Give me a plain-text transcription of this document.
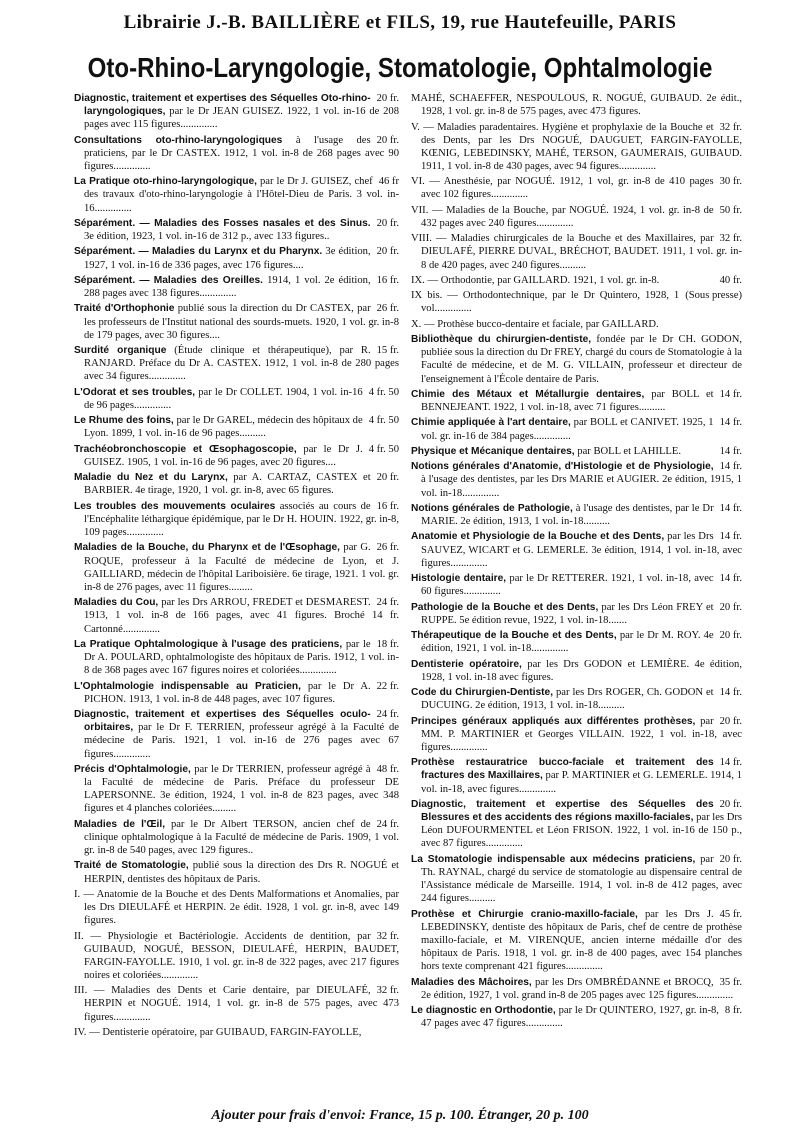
Librairie J.-B. BAILLIÈRE et FILS, 19, rue Hautefeuille, PARIS
Oto-Rhino-Laryngologie, Stomatologie, Ophtalmologie
20 fr.
Diagnostic, traitement et expertises des Séquelles Oto-rhino-laryngologiques, par le Dr JEAN GUISEZ. 1922, 1 vol. in-16 de 208 pages avec 115 figures..............
20 fr.
Consultations oto-rhino-laryngologiques à l'usage des praticiens, par le Dr CASTEX. 1912, 1 vol. in-8 de 268 pages avec 90 figures..............
46 fr
La Pratique oto-rhino-laryngologique, par le Dr J. GUISEZ, chef des travaux d'oto-rhino-laryngologie à l'Hôtel-Dieu de Paris. 3 vol. in-16..............
20 fr.
Séparément. — Maladies des Fosses nasales et des Sinus. 3e édition, 1923, 1 vol. in-16 de 312 p., avec 133 figures..
20 fr.
Séparément. — Maladies du Larynx et du Pharynx. 3e édition, 1927, 1 vol. in-16 de 336 pages, avec 176 figures....
16 fr.
Séparément. — Maladies des Oreilles. 1914, 1 vol. 2e édition, 288 pages avec 138 figures..............
26 fr.
Traité d'Orthophonie publié sous la direction du Dr CASTEX, par les professeurs de l'Institut national des sourds-muets. 1920, 1 vol. gr. in-8 de 179 pages, avec 30 figures....
15 fr.
Surdité organique (Étude clinique et thérapeutique), par R. RANJARD. Préface du Dr A. CASTEX. 1912, 1 vol. in-8 de 280 pages avec 34 figures..............
4 fr. 50
L'Odorat et ses troubles, par le Dr COLLET. 1904, 1 vol. in-16 de 96 pages..............
4 fr. 50
Le Rhume des foins, par le Dr GAREL, médecin des hôpitaux de Lyon. 1899, 1 vol. in-16 de 96 pages..........
4 fr. 50
Trachéobronchoscopie et Œsophagoscopie, par le Dr J. GUISEZ. 1905, 1 vol. in-16 de 96 pages, avec 20 figures....
20 fr.
Maladie du Nez et du Larynx, par A. CARTAZ, CASTEX et BARBIER. 4e tirage, 1920, 1 vol. gr. in-8, avec 65 figures.
16 fr.
Les troubles des mouvements oculaires associés au cours de l'Encéphalite léthargique épidémique, par le Dr H. HOUIN. 1922, gr. in-8, 109 pages..............
26 fr.
Maladies de la Bouche, du Pharynx et de l'Œsophage, par G. ROQUE, professeur à la Faculté de médecine de Lyon, et J. GAILLIARD, médecin de l'hôpital Lariboisière. 6e tirage, 1921. 1 vol. gr. in-8 de 276 pages, avec 11 figures.........
24 fr.
Maladies du Cou, par les Drs ARROU, FREDET et DESMAREST. 1913, 1 vol. in-8 de 166 pages, avec 41 figures. Broché 14 fr. Cartonné..............
18 fr.
La Pratique Ophtalmologique à l'usage des praticiens, par le Dr A. POULARD, ophtalmologiste des hôpitaux de Paris. 1912, 1 vol. in-8 de 368 pages avec 167 figures noires et coloriées..............
22 fr.
L'Ophtalmologie indispensable au Praticien, par le Dr A. PICHON. 1913, 1 vol. in-8 de 448 pages, avec 107 figures.
24 fr.
Diagnostic, traitement et expertises des Séquelles oculo-orbitaires, par le Dr F. TERRIEN, professeur agrégé à la Faculté de médecine de Paris. 1921, 1 vol. in-16 de 276 pages avec 67 figures..............
48 fr.
Précis d'Ophtalmologie, par le Dr TERRIEN, professeur agrégé à la Faculté de médecine de Paris. Préface du professeur DE LAPERSONNE. 3e édition, 1924, 1 vol. in-8 de 823 pages, avec 348 figures et 4 planches coloriées.........
24 fr.
Maladies de l'Œil, par le Dr Albert TERSON, ancien chef de clinique ophtalmologique à la Faculté de médecine de Paris. 1909, 1 vol. gr. in-8 de 540 pages, avec 129 figures..
Traité de Stomatologie, publié sous la direction des Drs R. NOGUÉ et HERPIN, dentistes des hôpitaux de Paris.
I. — Anatomie de la Bouche et des Dents Malformations et Anomalies, par les Drs DIEULAFÉ et HERPIN. 2e édit. 1928, 1 vol. gr. in-8, avec 149 figures.
32 fr.
II. — Physiologie et Bactériologie. Accidents de dentition, par GUIBAUD, NOGUÉ, BESSON, DIEULAFÉ, HERPIN, BAUDET, FARGIN-FAYOLLE. 1910, 1 vol. gr. in-8 de 322 pages, avec 217 figures noires et coloriées..............
32 fr.
III. — Maladies des Dents et Carie dentaire, par DIEULAFÉ, HERPIN et NOGUÉ. 1914, 1 vol. gr. in-8 de 575 pages, avec 473 figures..............
IV. — Dentisterie opératoire, par GUIBAUD, FARGIN-FAYOLLE,
MAHÉ, SCHAEFFER, NESPOULOUS, R. NOGUÉ, GUIBAUD. 2e édit., 1928, 1 vol. gr. in-8 de 575 pages, avec 473 figures.
32 fr.
V. — Maladies paradentaires. Hygiène et prophylaxie de la Bouche et des Dents, par les Drs NOGUÉ, DAUGUET, FARGIN-FAYOLLE, KŒNIG, LEBEDINSKY, MAHÉ, TERSON, GAUMERAIS, GUIBAUD. 1911, 1 vol. in-8 de 430 pages, avec 94 figures..............
30 fr.
VI. — Anesthésie, par NOGUÉ. 1912, 1 vol, gr. in-8 de 410 pages avec 102 figures..............
50 fr.
VII. — Maladies de la Bouche, par NOGUÉ. 1924, 1 vol. gr. in-8 de 432 pages avec 240 figures..............
32 fr.
VIII. — Maladies chirurgicales de la Bouche et des Maxillaires, par DIEULAFÉ, PIERRE DUVAL, BRÉCHOT, BAUDET. 1911, 1 vol. gr. in-8 de 420 pages, avec 240 figures..........
40 fr.
IX. — Orthodontie, par GAILLARD. 1921, 1 vol. gr. in-8.
(Sous presse)
IX bis. — Orthodontechnique, par le Dr Quintero, 1928, 1 vol..............
X. — Prothèse bucco-dentaire et faciale, par GAILLARD.
Bibliothèque du chirurgien-dentiste, fondée par le Dr CH. GODON, publiée sous la direction du Dr FREY, chargé du cours de Stomatologie à la Faculté de médecine, et de M. G. VILLAIN, professeur et directeur de l'enseignement à l'École dentaire de Paris.
14 fr.
Chimie des Métaux et Métallurgie dentaires, par BOLL et BENNEJEANT. 1922, 1 vol. in-18, avec 71 figures..........
14 fr.
Chimie appliquée à l'art dentaire, par BOLL et CANIVET. 1925, 1 vol. gr. in-16 de 384 pages..............
14 fr.
Physique et Mécanique dentaires, par BOLL et LAHILLE.
14 fr.
Notions générales d'Anatomie, d'Histologie et de Physiologie, à l'usage des dentistes, par les Drs MARIE et AUGIER. 2e édition, 1915, 1 vol. in-18..............
14 fr.
Notions générales de Pathologie, à l'usage des dentistes, par le Dr MARIE. 2e édition, 1913, 1 vol. in-18..........
14 fr.
Anatomie et Physiologie de la Bouche et des Dents, par les Drs SAUVEZ, WICART et G. LEMERLE. 3e édition, 1914, 1 vol. in-18, avec figures..............
14 fr.
Histologie dentaire, par le Dr RETTERER. 1921, 1 vol. in-18, avec 60 figures..............
20 fr.
Pathologie de la Bouche et des Dents, par les Drs Léon FREY et RUPPE. 5e édition revue, 1922, 1 vol. in-18.......
20 fr.
Thérapeutique de la Bouche et des Dents, par le Dr M. ROY. 4e édition, 1921, 1 vol. in-18..............
Dentisterie opératoire, par les Drs GODON et LEMIÈRE. 4e édition, 1928, 1 vol. in-18 avec figures.
14 fr.
Code du Chirurgien-Dentiste, par les Drs ROGER, Ch. GODON et DUCUING. 2e édition, 1913, 1 vol. in-18..........
20 fr.
Principes généraux appliqués aux différentes prothèses, par MM. P. MARTINIER et Georges VILLAIN. 1922, 1 vol. in-18, avec figures..............
14 fr.
Prothèse restauratrice bucco-faciale et traitement des fractures des Maxillaires, par P. MARTINIER et G. LEMERLE. 1914, 1 vol. in-18, avec figures..............
20 fr.
Diagnostic, traitement et expertise des Séquelles des Blessures et des accidents des régions maxillo-faciales, par les Drs Léon DUFOURMENTEL et Léon FRISON. 1922, 1 vol. in-16 de 150 p., avec 87 figures..............
20 fr.
La Stomatologie indispensable aux médecins praticiens, par Th. RAYNAL, chargé du service de stomatologie au dispensaire central de l'Assistance médicale de Marseille. 1914, 1 vol. in-8 de 412 pages, avec 244 figures..........
45 fr.
Prothèse et Chirurgie cranio-maxillo-faciale, par les Drs J. LEBEDINSKY, dentiste des hôpitaux de Paris, chef de centre de prothèse maxillo-faciale, et M. VIRENQUE, ancien interne médaille d'or des hôpitaux de Paris. 1918, 1 vol. gr. in-8 de 400 pages, avec 154 planches hors texte comprenant 421 figures..............
35 fr.
Maladies des Mâchoires, par les Drs OMBRÉDANNE et BROCQ, 2e édition, 1927, 1 vol. grand in-8 de 205 pages avec 125 figures..............
8 fr.
Le diagnostic en Orthodontie, par le Dr QUINTERO, 1927, gr. in-8, 47 pages avec 47 figures..............
Ajouter pour frais d'envoi: France, 15 p. 100. Étranger, 20 p. 100
